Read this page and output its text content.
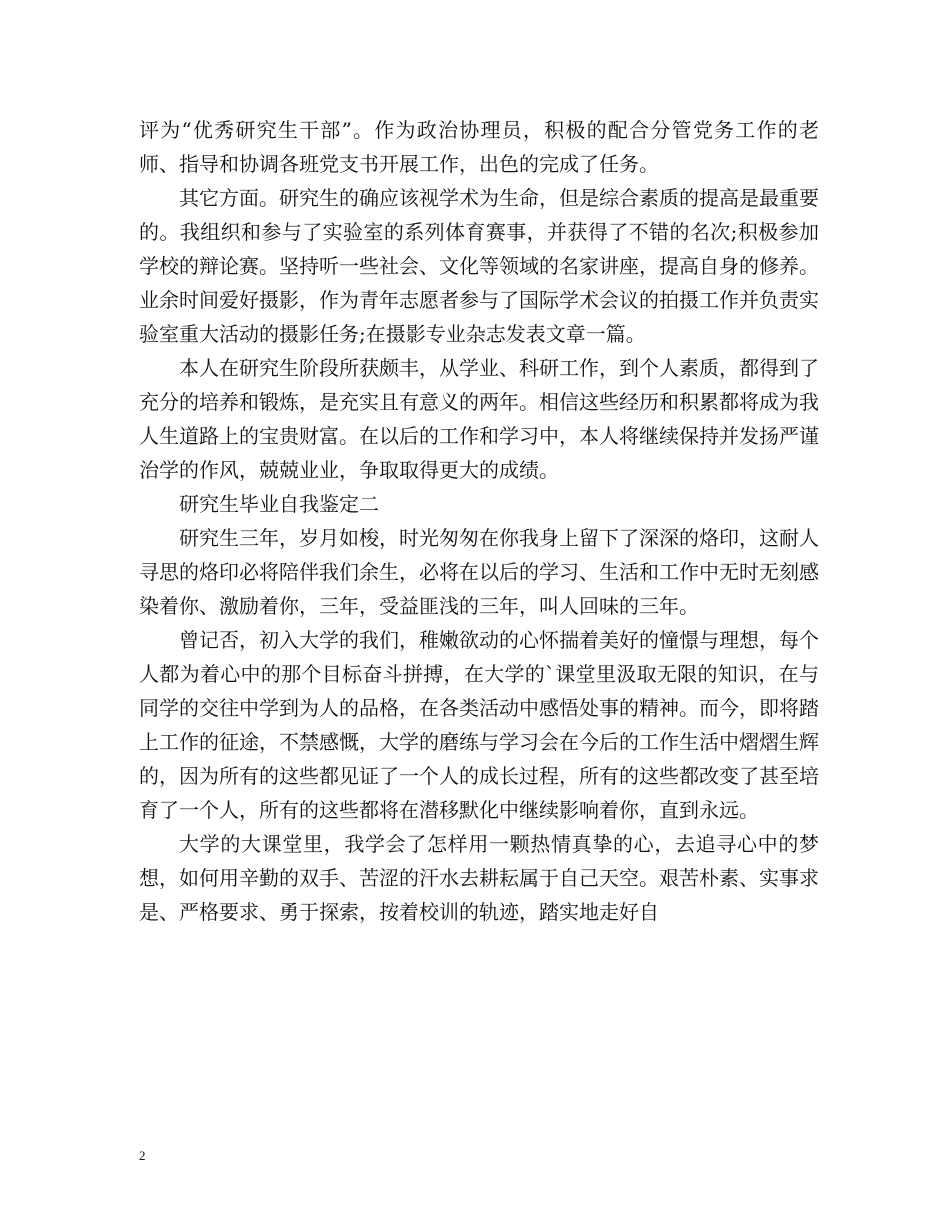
评为“优秀研究生干部”。作为政治协理员，积极的配合分管党务工作的老师、指导和协调各班党支书开展工作，出色的完成了任务。

其它方面。研究生的确应该视学术为生命，但是综合素质的提高是最重要的。我组织和参与了实验室的系列体育赛事，并获得了不错的名次;积极参加学校的辩论赛。坚持听一些社会、文化等领域的名家讲座，提高自身的修养。业余时间爱好摄影，作为青年志愿者参与了国际学术会议的拍摄工作并负责实验室重大活动的摄影任务;在摄影专业杂志发表文章一篇。

本人在研究生阶段所获颇丰，从学业、科研工作，到个人素质，都得到了充分的培养和锻炼，是充实且有意义的两年。相信这些经历和积累都将成为我人生道路上的宝贵财富。在以后的工作和学习中，本人将继续保持并发扬严谨治学的作风，兢兢业业，争取取得更大的成绩。

研究生毕业自我鉴定二

研究生三年，岁月如梭，时光匆匆在你我身上留下了深深的烙印，这耐人寻思的烙印必将陪伴我们余生，必将在以后的学习、生活和工作中无时无刻感染着你、激励着你，三年，受益匪浅的三年，叫人回味的三年。

曾记否，初入大学的我们，稚嫩欲动的心怀揣着美好的憧憬与理想，每个人都为着心中的那个目标奋斗拼搏，在大学的`课堂里汲取无限的知识，在与同学的交往中学到为人的品格，在各类活动中感悟处事的精神。而今，即将踏上工作的征途，不禁感慨，大学的磨练与学习会在今后的工作生活中熠熠生辉的，因为所有的这些都见证了一个人的成长过程，所有的这些都改变了甚至培育了一个人，所有的这些都将在潜移默化中继续影响着你，直到永远。

大学的大课堂里，我学会了怎样用一颗热情真挚的心，去追寻心中的梦想，如何用辛勤的双手、苦涩的汗水去耕耘属于自己天空。艰苦朴素、实事求是、严格要求、勇于探索，按着校训的轨迹，踏实地走好自

2
